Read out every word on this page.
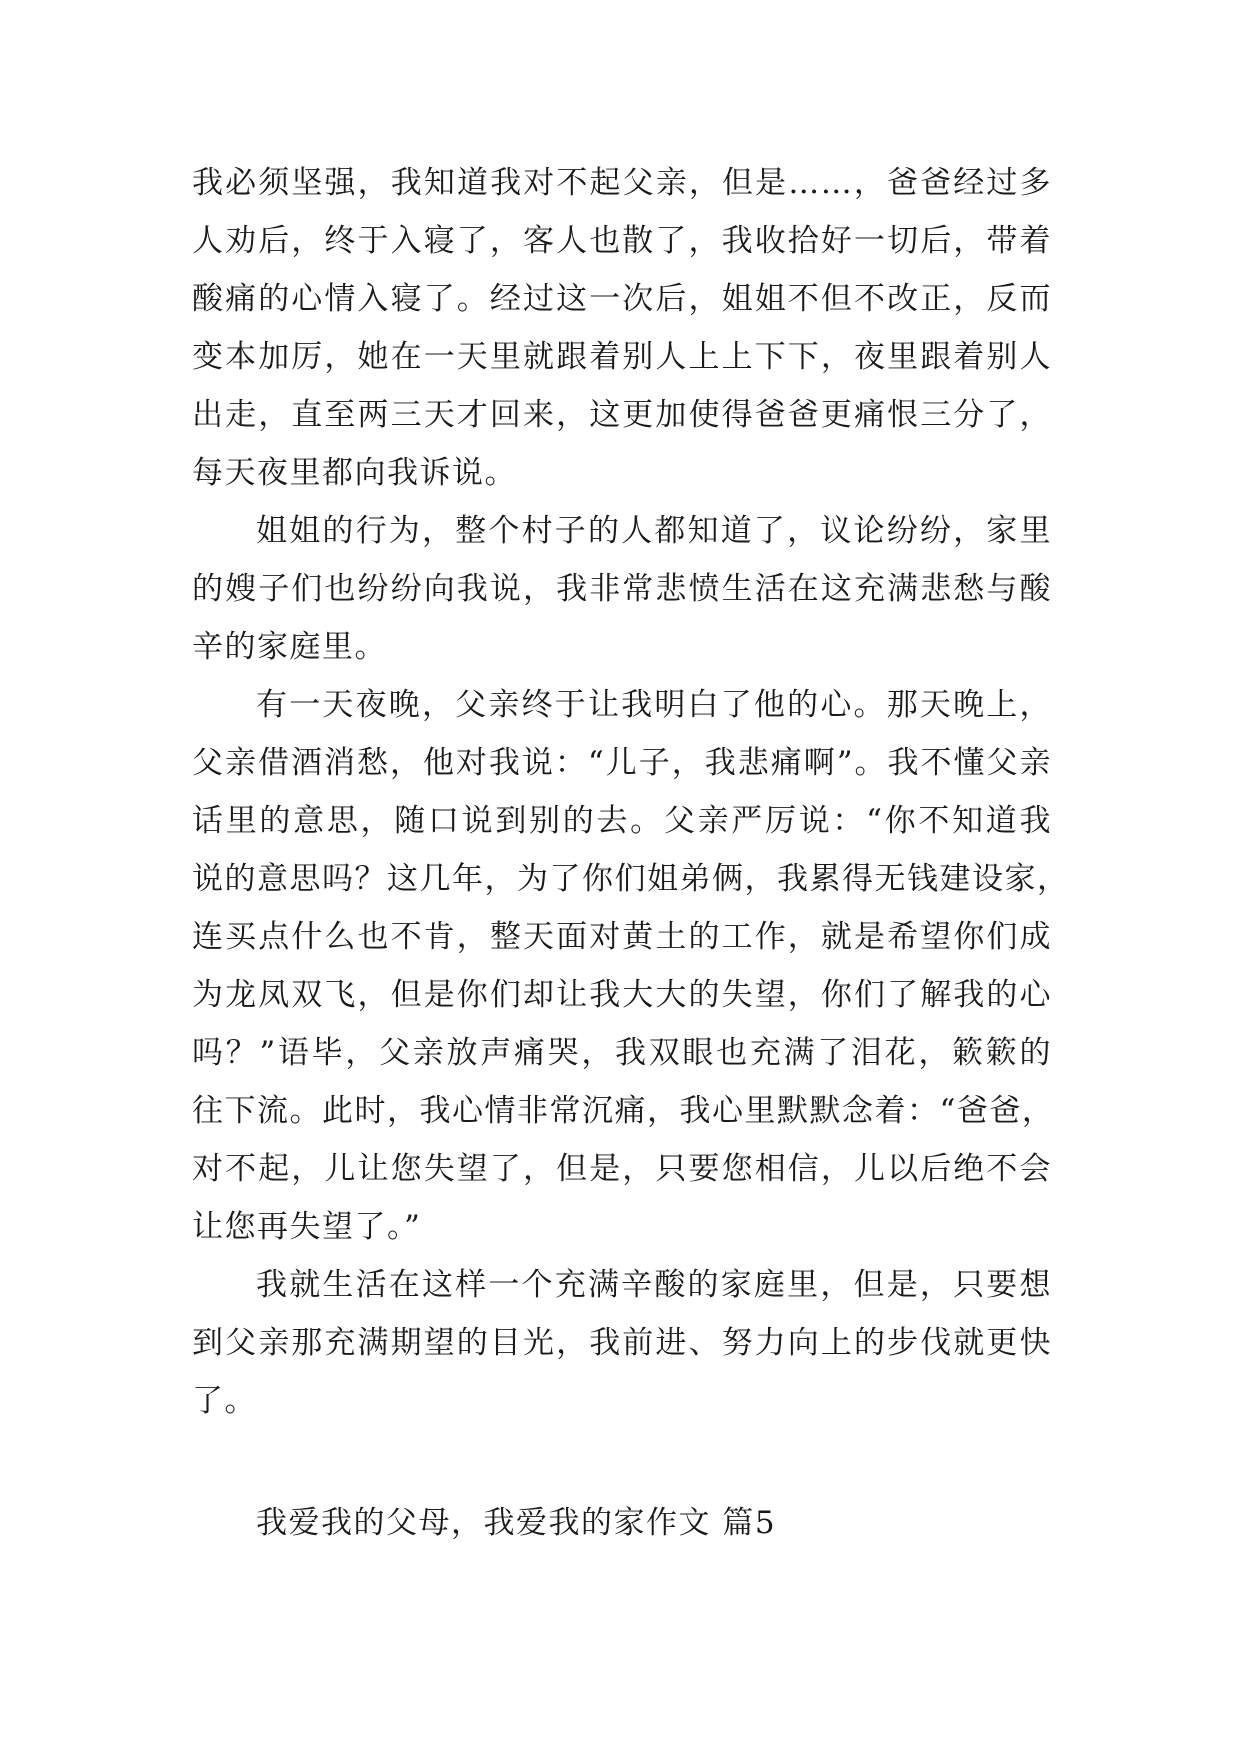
我必须坚强，我知道我对不起父亲，但是……，爸爸经过多
人劝后，终于入寝了，客人也散了，我收拾好一切后，带着
酸痛的心情入寝了。经过这一次后，姐姐不但不改正，反而
变本加厉，她在一天里就跟着别人上上下下，夜里跟着别人
出走，直至两三天才回来，这更加使得爸爸更痛恨三分了，
每天夜里都向我诉说。
姐姐的行为，整个村子的人都知道了，议论纷纷，家里
的嫂子们也纷纷向我说，我非常悲愤生活在这充满悲愁与酸
辛的家庭里。
有一天夜晚，父亲终于让我明白了他的心。那天晚上，
父亲借酒消愁，他对我说：“儿子，我悲痛啊”。我不懂父亲
话里的意思，随口说到别的去。父亲严厉说：“你不知道我
说的意思吗？这几年，为了你们姐弟俩，我累得无钱建设家，
连买点什么也不肯，整天面对黄土的工作，就是希望你们成
为龙凤双飞，但是你们却让我大大的失望，你们了解我的心
吗？”语毕，父亲放声痛哭，我双眼也充满了泪花，簌簌的
往下流。此时，我心情非常沉痛，我心里默默念着：“爸爸，
对不起，儿让您失望了，但是，只要您相信，儿以后绝不会
让您再失望了。”
我就生活在这样一个充满辛酸的家庭里，但是，只要想
到父亲那充满期望的目光，我前进、努力向上的步伐就更快
了。
我爱我的父母，我爱我的家作文 篇5
